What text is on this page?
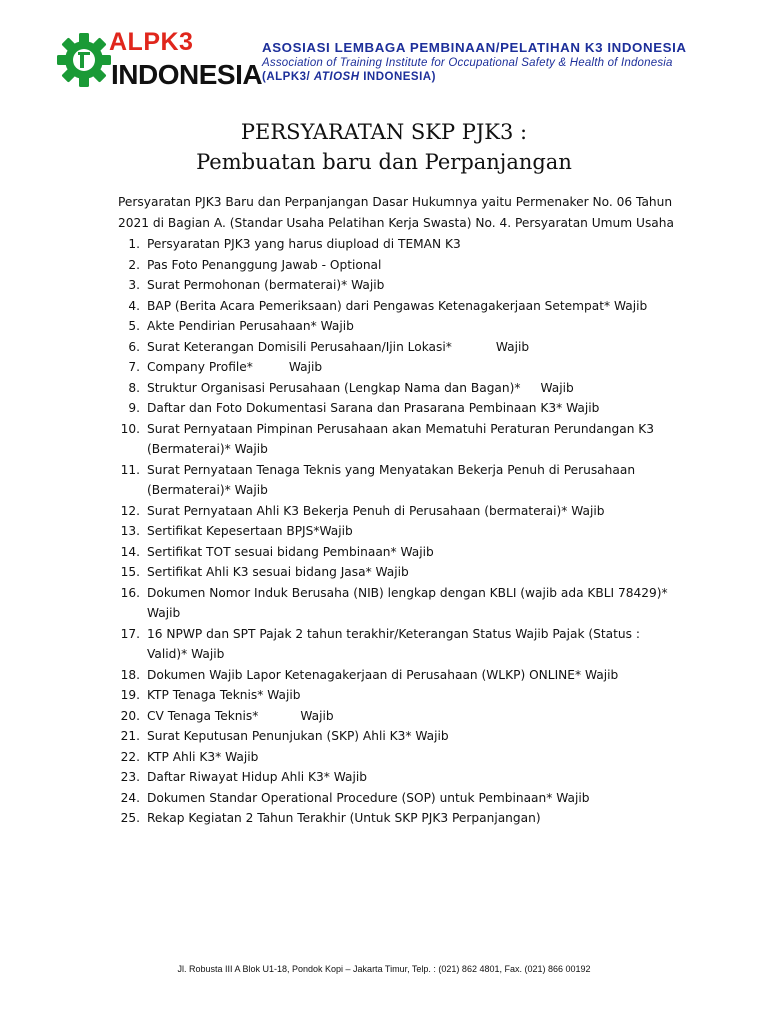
ALPK3
INDONESIA
ASOSIASI LEMBAGA PEMBINAAN/PELATIHAN K3 INDONESIA
Association of Training Institute for Occupational Safety & Health of Indonesia
(ALPK3/ ATIOSH INDONESIA)
PERSYARATAN SKP PJK3 :
Pembuatan baru dan Perpanjangan
Persyaratan PJK3 Baru dan Perpanjangan Dasar Hukumnya yaitu Permenaker No. 06 Tahun
2021 di Bagian A. (Standar Usaha Pelatihan Kerja Swasta) No. 4. Persyaratan Umum Usaha
1. Persyaratan PJK3 yang harus diupload di TEMAN K3
2. Pas Foto Penanggung Jawab - Optional
3. Surat Permohonan (bermaterai)* Wajib
4. BAP (Berita Acara Pemeriksaan) dari Pengawas Ketenagakerjaan Setempat* Wajib
5. Akte Pendirian Perusahaan* Wajib
6. Surat Keterangan Domisili Perusahaan/Ijin Lokasi*	Wajib
7. Company Profile*	Wajib
8. Struktur Organisasi Perusahaan (Lengkap Nama dan Bagan)* Wajib
9. Daftar dan Foto Dokumentasi Sarana dan Prasarana Pembinaan K3* Wajib
10. Surat Pernyataan Pimpinan Perusahaan akan Mematuhi Peraturan Perundangan K3
(Bermaterai)* Wajib
11. Surat Pernyataan Tenaga Teknis yang Menyatakan Bekerja Penuh di Perusahaan
(Bermaterai)* Wajib
12. Surat Pernyataan Ahli K3 Bekerja Penuh di Perusahaan (bermaterai)* Wajib
13. Sertifikat Kepesertaan BPJS*Wajib
14. Sertifikat TOT sesuai bidang Pembinaan* Wajib
15. Sertifikat Ahli K3 sesuai bidang Jasa* Wajib
16. Dokumen Nomor Induk Berusaha (NIB) lengkap dengan KBLI (wajib ada KBLI 78429)*
Wajib
17. 16 NPWP dan SPT Pajak 2 tahun terakhir/Keterangan Status Wajib Pajak (Status :
Valid)* Wajib
18. Dokumen Wajib Lapor Ketenagakerjaan di Perusahaan (WLKP) ONLINE* Wajib
19. KTP Tenaga Teknis* Wajib
20. CV Tenaga Teknis*	Wajib
21. Surat Keputusan Penunjukan (SKP) Ahli K3* Wajib
22. KTP Ahli K3* Wajib
23. Daftar Riwayat Hidup Ahli K3* Wajib
24. Dokumen Standar Operational Procedure (SOP) untuk Pembinaan* Wajib
25. Rekap Kegiatan 2 Tahun Terakhir (Untuk SKP PJK3 Perpanjangan)
Jl. Robusta III A Blok U1-18, Pondok Kopi – Jakarta Timur, Telp. : (021) 862 4801, Fax. (021) 866 00192
